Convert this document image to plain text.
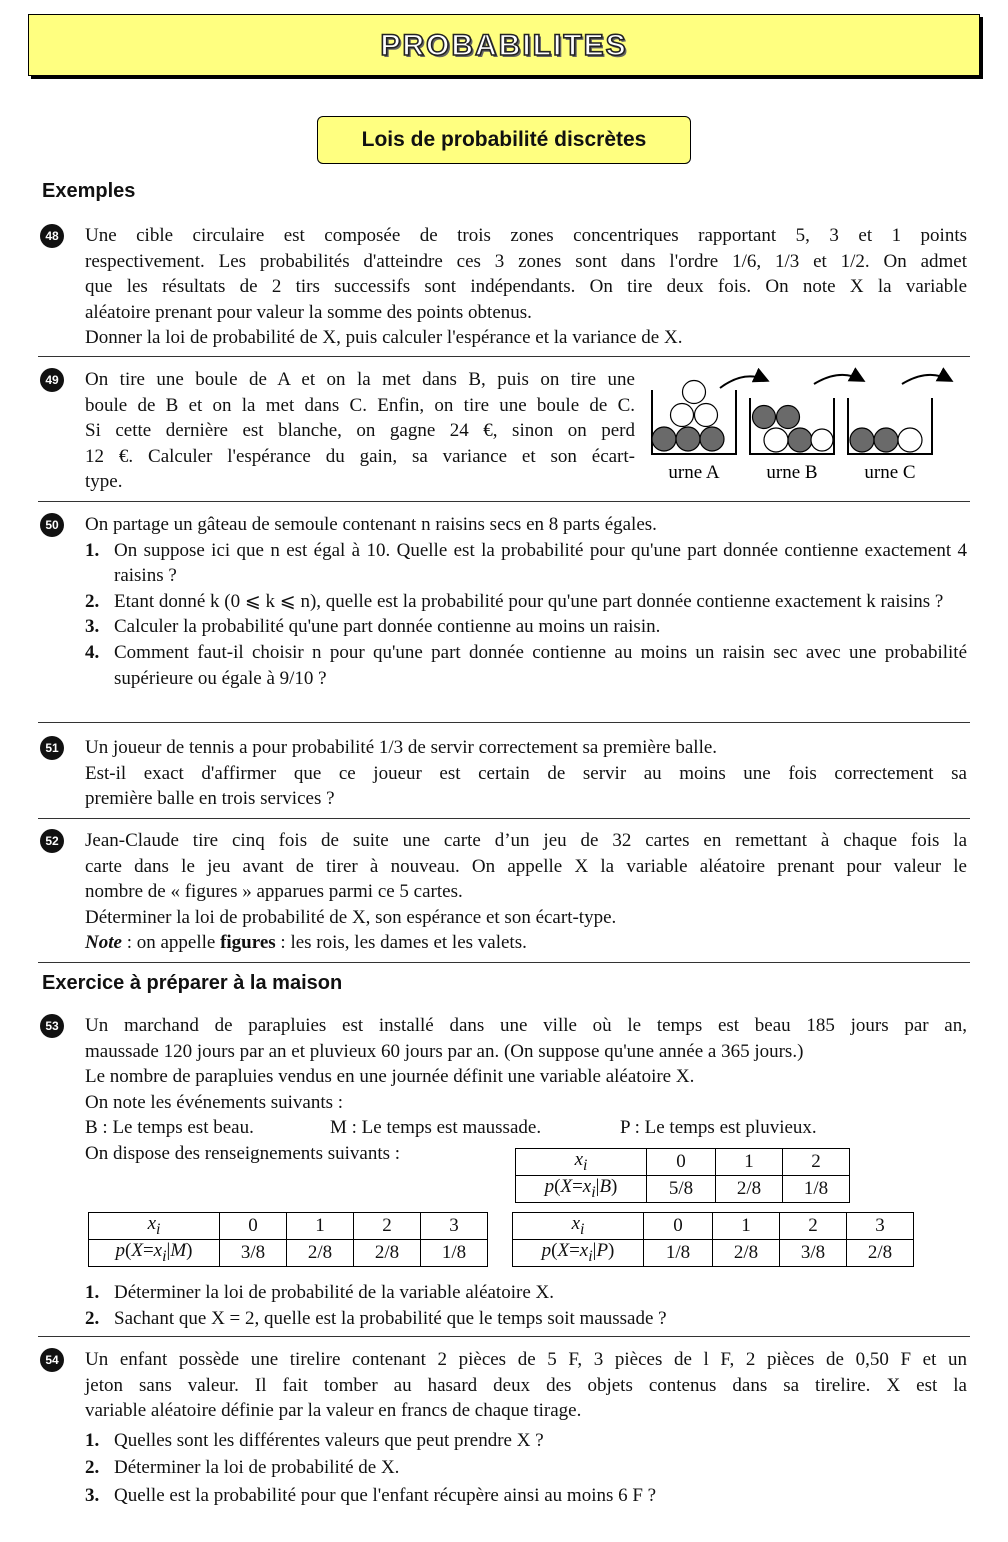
PROBABILITES
Lois de probabilité discrètes
Exemples
48 Une cible circulaire est composée de trois zones concentriques rapportant 5, 3 et 1 points
respectivement. Les probabilités d'atteindre ces 3 zones sont dans l'ordre 1/6, 1/3 et 1/2. On admet
que les résultats de 2 tirs successifs sont indépendants. On tire deux fois. On note X la variable
aléatoire prenant pour valeur la somme des points obtenus.
Donner la loi de probabilité de X, puis calculer l'espérance et la variance de X.
49 On tire une boule de A et on la met dans B, puis on tire une
boule de B et on la met dans C. Enfin, on tire une boule de C.
Si cette dernière est blanche, on gagne 24 €, sinon on perd
12 €. Calculer l'espérance du gain, sa variance et son écart-
type.	urne A urne B urne C
50 On partage un gâteau de semoule contenant n raisins secs en 8 parts égales.
1. On suppose ici que n est égal à 10. Quelle est la probabilité pour qu'une part donnée contienne exactement 4 raisins ?
2. Etant donné k (0 ⩽ k ⩽ n), quelle est la probabilité pour qu'une part donnée contienne exactement k raisins ?
3. Calculer la probabilité qu'une part donnée contienne au moins un raisin.
4. Comment faut-il choisir n pour qu'une part donnée contienne au moins un raisin sec avec une probabilité supérieure ou égale à 9/10 ?
51 Un joueur de tennis a pour probabilité 1/3 de servir correctement sa première balle.
Est-il exact d'affirmer que ce joueur est certain de servir au moins une fois correctement sa
première balle en trois services ?
52 Jean-Claude tire cinq fois de suite une carte d’un jeu de 32 cartes en remettant à chaque fois la
carte dans le jeu avant de tirer à nouveau. On appelle X la variable aléatoire prenant pour valeur le
nombre de « figures » apparues parmi ce 5 cartes.
Déterminer la loi de probabilité de X, son espérance et son écart-type.
Note : on appelle figures : les rois, les dames et les valets.
Exercice à préparer à la maison
53 Un marchand de parapluies est installé dans une ville où le temps est beau 185 jours par an,
maussade 120 jours par an et pluvieux 60 jours par an. (On suppose qu'une année a 365 jours.)
Le nombre de parapluies vendus en une journée définit une variable aléatoire X.
On note les événements suivants :
B : Le temps est beau.	M : Le temps est maussade.	P : Le temps est pluvieux.
On dispose des renseignements suivants :	$x_i$	0	1	2
$p(X=x_i|B)$	5/8	2/8	1/8
$x_i$	0	1	2	3
$p(X=x_i|M)$	3/8	2/8	2/8	1/8
$x_i$	0	1	2	3
$p(X=x_i|P)$	1/8	2/8	3/8	2/8
1. Déterminer la loi de probabilité de la variable aléatoire X.
2. Sachant que X = 2, quelle est la probabilité que le temps soit maussade ?
54 Un enfant possède une tirelire contenant 2 pièces de 5 F, 3 pièces de l F, 2 pièces de 0,50 F et un
jeton sans valeur. Il fait tomber au hasard deux des objets contenus dans sa tirelire. X est la
variable aléatoire définie par la valeur en francs de chaque tirage.
1. Quelles sont les différentes valeurs que peut prendre X ?
2. Déterminer la loi de probabilité de X.
3. Quelle est la probabilité pour que l'enfant récupère ainsi au moins 6 F ?
